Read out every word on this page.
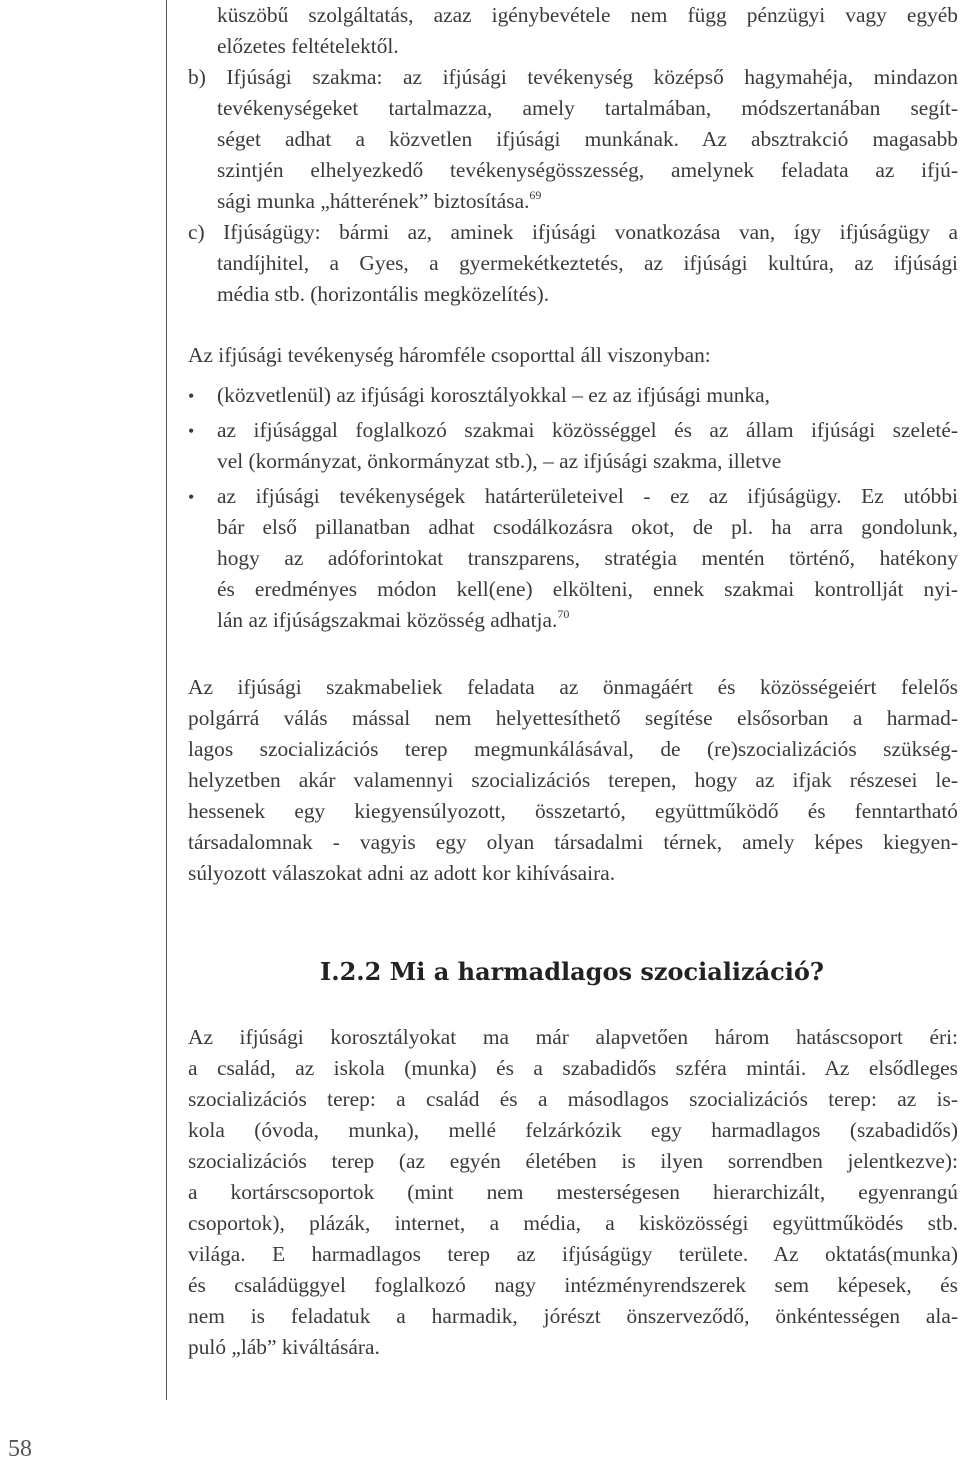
küszöbű szolgáltatás, azaz igénybevétele nem függ pénzügyi vagy egyéb
előzetes feltételektől.
b) Ifjúsági szakma: az ifjúsági tevékenység középső hagymahéja, mindazon
tevékenységeket tartalmazza, amely tartalmában, módszertanában segít-
séget adhat a közvetlen ifjúsági munkának. Az absztrakció magasabb
szintjén elhelyezkedő tevékenységösszesség, amelynek feladata az ifjú-
sági munka „hátterének” biztosítása.$^{69}$
c) Ifjúságügy: bármi az, aminek ifjúsági vonatkozása van, így ifjúságügy a
tandíjhitel, a Gyes, a gyermekétkeztetés, az ifjúsági kultúra, az ifjúsági
média stb. (horizontális megközelítés).
Az ifjúsági tevékenység háromféle csoporttal áll viszonyban:
• (közvetlenül) az ifjúsági korosztályokkal – ez az ifjúsági munka,
• az ifjúsággal foglalkozó szakmai közösséggel és az állam ifjúsági szeleté-
vel (kormányzat, önkormányzat stb.), – az ifjúsági szakma, illetve
• az ifjúsági tevékenységek határterületeivel - ez az ifjúságügy. Ez utóbbi
bár első pillanatban adhat csodálkozásra okot, de pl. ha arra gondolunk,
hogy az adóforintokat transzparens, stratégia mentén történő, hatékony
és eredményes módon kell(ene) elkölteni, ennek szakmai kontrollját nyi-
lán az ifjúságszakmai közösség adhatja.$^{70}$
Az ifjúsági szakmabeliek feladata az önmagáért és közösségeiért felelős
polgárrá válás mással nem helyettesíthető segítése elsősorban a harmad-
lagos szocializációs terep megmunkálásával, de (re)szocializációs szükség-
helyzetben akár valamennyi szocializációs terepen, hogy az ifjak részesei le-
hessenek egy kiegyensúlyozott, összetartó, együttműködő és fenntartható
társadalomnak - vagyis egy olyan társadalmi térnek, amely képes kiegyen-
súlyozott válaszokat adni az adott kor kihívásaira.
I.2.2 Mi a harmadlagos szocializáció?
Az ifjúsági korosztályokat ma már alapvetően három hatáscsoport éri:
a család, az iskola (munka) és a szabadidős szféra mintái. Az elsődleges
szocializációs terep: a család és a másodlagos szocializációs terep: az is-
kola (óvoda, munka), mellé felzárkózik egy harmadlagos (szabadidős)
szocializációs terep (az egyén életében is ilyen sorrendben jelentkezve):
a kortárscsoportok (mint nem mesterségesen hierarchizált, egyenrangú
csoportok), plázák, internet, a média, a kisközösségi együttműködés stb.
világa. E harmadlagos terep az ifjúságügy területe. Az oktatás(munka)
és családüggyel foglalkozó nagy intézményrendszerek sem képesek, és
nem is feladatuk a harmadik, jórészt önszerveződő, önkéntességen ala-
puló „láb” kiváltására.
58
